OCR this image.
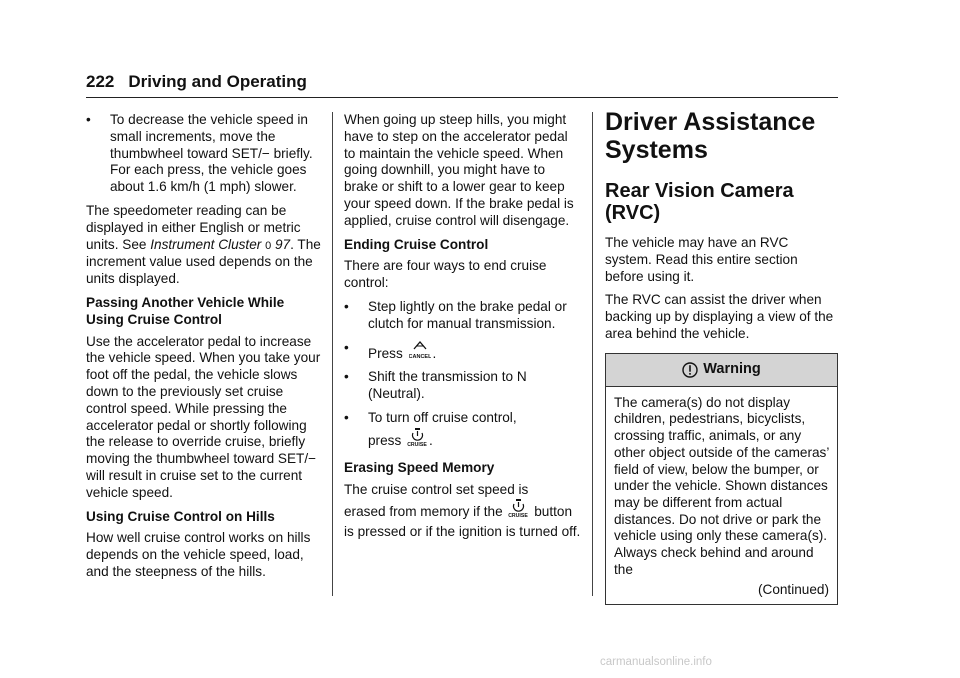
222 Driving and Operating
• To decrease the vehicle speed in small increments, move the thumbwheel toward SET/− briefly. For each press, the vehicle goes about 1.6 km/h (1 mph) slower.

The speedometer reading can be displayed in either English or metric units. See Instrument Cluster 0 97. The increment value used depends on the units displayed.

Passing Another Vehicle While Using Cruise Control

Use the accelerator pedal to increase the vehicle speed. When you take your foot off the pedal, the vehicle slows down to the previously set cruise control speed. While pressing the accelerator pedal or shortly following the release to override cruise, briefly moving the thumbwheel toward SET/− will result in cruise set to the current vehicle speed.

Using Cruise Control on Hills

How well cruise control works on hills depends on the vehicle speed, load, and the steepness of the hills.

When going up steep hills, you might have to step on the accelerator pedal to maintain the vehicle speed. When going downhill, you might have to brake or shift to a lower gear to keep your speed down. If the brake pedal is applied, cruise control will disengage.

Ending Cruise Control

There are four ways to end cruise control:

• Step lightly on the brake pedal or clutch for manual transmission.
• Press CANCEL .
• Shift the transmission to N (Neutral).
• To turn off cruise control,
press CRUISE .

Erasing Speed Memory

The cruise control set speed is
erased from memory if the CRUISE button
is pressed or if the ignition is turned off.

Driver Assistance Systems
Rear Vision Camera (RVC)

The vehicle may have an RVC system. Read this entire section before using it.

The RVC can assist the driver when backing up by displaying a view of the area behind the vehicle.

Warning
The camera(s) do not display children, pedestrians, bicyclists, crossing traffic, animals, or any other object outside of the cameras’ field of view, below the bumper, or under the vehicle. Shown distances may be different from actual distances. Do not drive or park the vehicle using only these camera(s). Always check behind and around the
(Continued)
carmanualsonline.info
